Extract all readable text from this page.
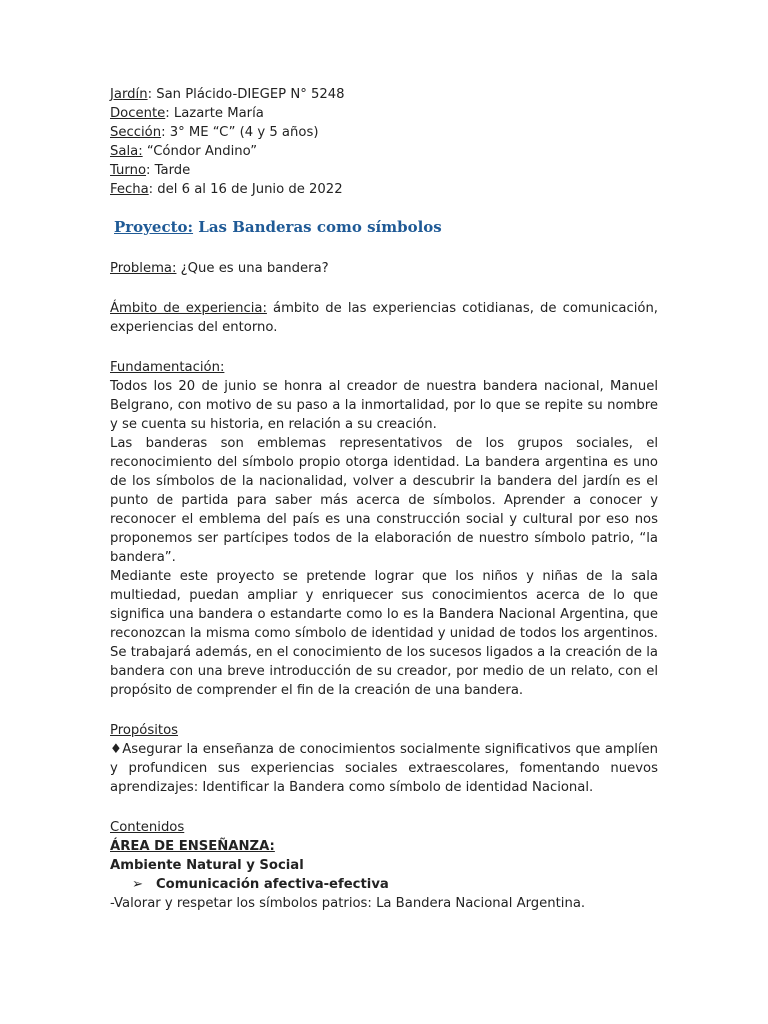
Jardín: San Plácido-DIEGEP N° 5248
Docente: Lazarte María
Sección: 3° ME “C” (4 y 5 años)
Sala: “Cóndor Andino”
Turno: Tarde
Fecha: del 6 al 16 de Junio de 2022
Proyecto: Las Banderas como símbolos
Problema: ¿Que es una bandera?
Ámbito de experiencia: ámbito de las experiencias cotidianas, de comunicación, experiencias del entorno.
Fundamentación:
Todos los 20 de junio se honra al creador de nuestra bandera nacional, Manuel Belgrano, con motivo de su paso a la inmortalidad, por lo que se repite su nombre y se cuenta su historia, en relación a su creación.
Las banderas son emblemas representativos de los grupos sociales, el reconocimiento del símbolo propio otorga identidad. La bandera argentina es uno de los símbolos de la nacionalidad, volver a descubrir la bandera del jardín es el punto de partida para saber más acerca de símbolos. Aprender a conocer y reconocer el emblema del país es una construcción social y cultural por eso nos proponemos ser partícipes todos de la elaboración de nuestro símbolo patrio, “la bandera”.
Mediante este proyecto se pretende lograr que los niños y niñas de la sala multiedad, puedan ampliar y enriquecer sus conocimientos acerca de lo que significa una bandera o estandarte como lo es la Bandera Nacional Argentina, que reconozcan la misma como símbolo de identidad y unidad de todos los argentinos. Se trabajará además, en el conocimiento de los sucesos ligados a la creación de la bandera con una breve introducción de su creador, por medio de un relato, con el propósito de comprender el fin de la creación de una bandera.
Propósitos
♦Asegurar la enseñanza de conocimientos socialmente significativos que amplíen y profundicen sus experiencias sociales extraescolares, fomentando nuevos aprendizajes: Identificar la Bandera como símbolo de identidad Nacional.
Contenidos
ÁREA DE ENSEÑANZA:
Ambiente Natural y Social
➢ Comunicación afectiva-efectiva
-Valorar y respetar los símbolos patrios: La Bandera Nacional Argentina.
